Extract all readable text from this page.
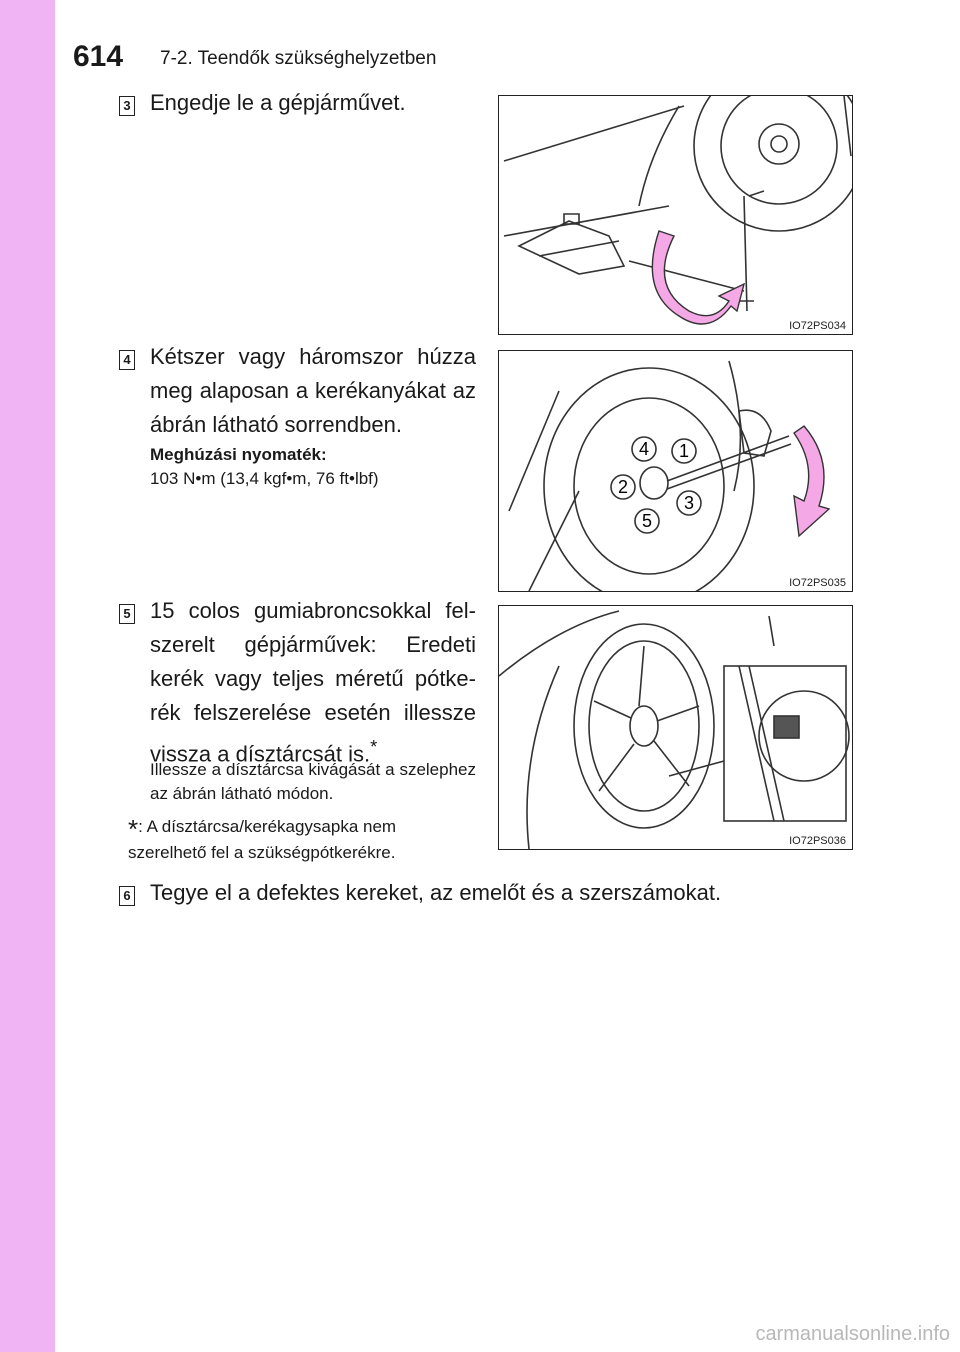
614 7-2. Teendők szükséghelyzetben
3 Engedje le a gépjárművet.
IO72PS034
4 Kétszer vagy háromszor húzza meg alaposan a kerékanyákat az ábrán látható sorrendben.
Meghúzási nyomaték:
103 N•m (13,4 kgf•m, 76 ft•lbf)
1
2
3
4
5
IO72PS035
5 15 colos gumiabroncsokkal fel-szerelt gépjárművek: Eredeti kerék vagy teljes méretű pótke-rék felszerelése esetén illessze vissza a dísztárcsát is.*
Illessze a dísztárcsa kivágását a szelephez az ábrán látható módon.
*: A dísztárcsa/kerékagysapka nem szerelhető fel a szükségpótkerékre.
IO72PS036
6 Tegye el a defektes kereket, az emelőt és a szerszámokat.
carmanualsonline.info
